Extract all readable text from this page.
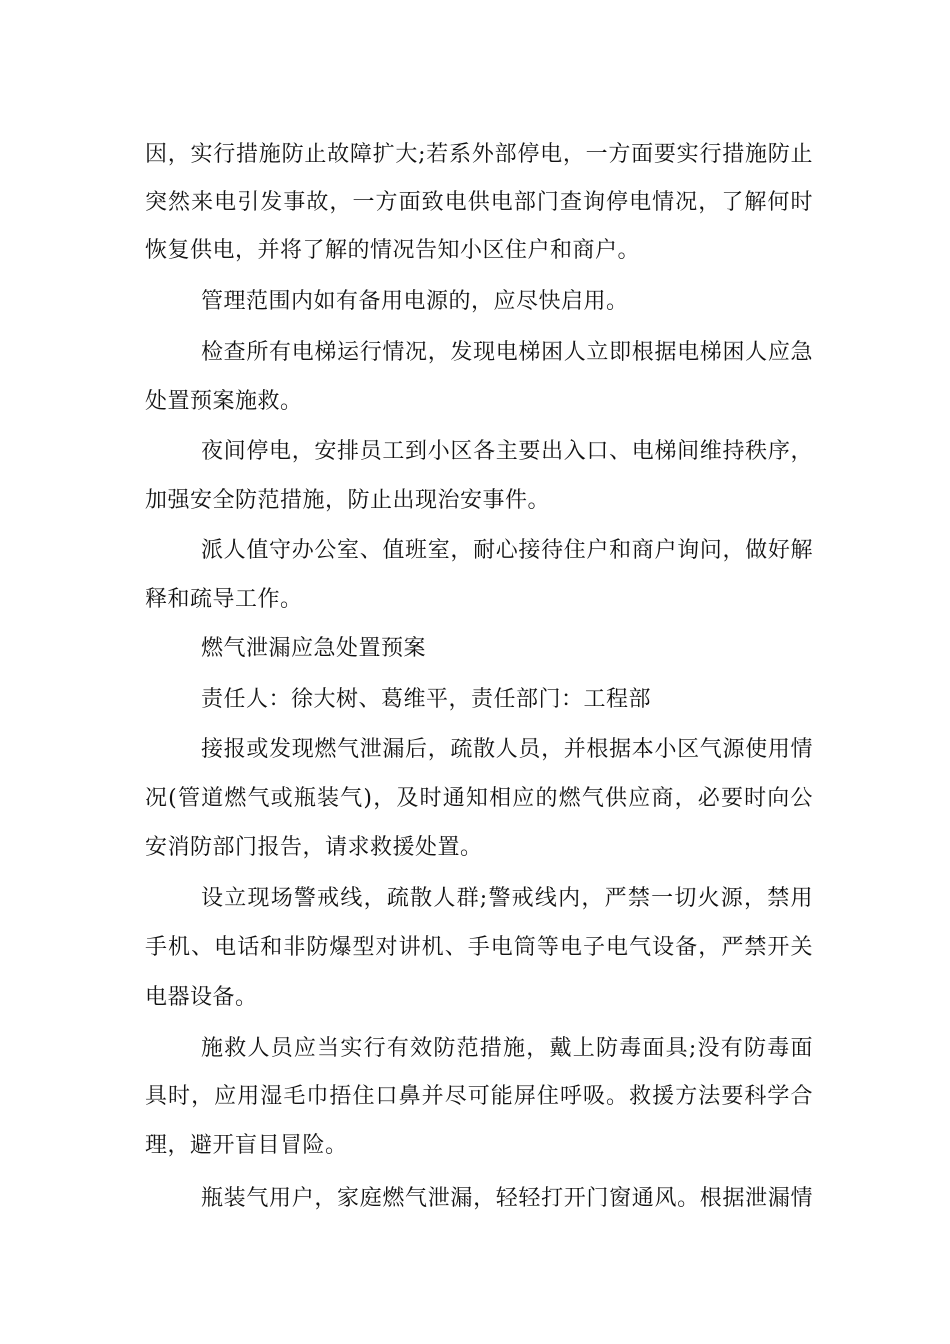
因，实行措施防止故障扩大;若系外部停电，一方面要实行措施防止
突然来电引发事故，一方面致电供电部门查询停电情况，了解何时
恢复供电，并将了解的情况告知小区住户和商户。
管理范围内如有备用电源的，应尽快启用。
检查所有电梯运行情况，发现电梯困人立即根据电梯困人应急
处置预案施救。
夜间停电，安排员工到小区各主要出入口、电梯间维持秩序，
加强安全防范措施，防止出现治安事件。
派人值守办公室、值班室，耐心接待住户和商户询问，做好解
释和疏导工作。
燃气泄漏应急处置预案
责任人：徐大树、葛维平，责任部门：工程部
接报或发现燃气泄漏后，疏散人员，并根据本小区气源使用情
况(管道燃气或瓶装气)，及时通知相应的燃气供应商，必要时向公
安消防部门报告，请求救援处置。
设立现场警戒线，疏散人群;警戒线内，严禁一切火源，禁用
手机、电话和非防爆型对讲机、手电筒等电子电气设备，严禁开关
电器设备。
施救人员应当实行有效防范措施，戴上防毒面具;没有防毒面
具时，应用湿毛巾捂住口鼻并尽可能屏住呼吸。救援方法要科学合
理，避开盲目冒险。
瓶装气用户，家庭燃气泄漏，轻轻打开门窗通风。根据泄漏情
